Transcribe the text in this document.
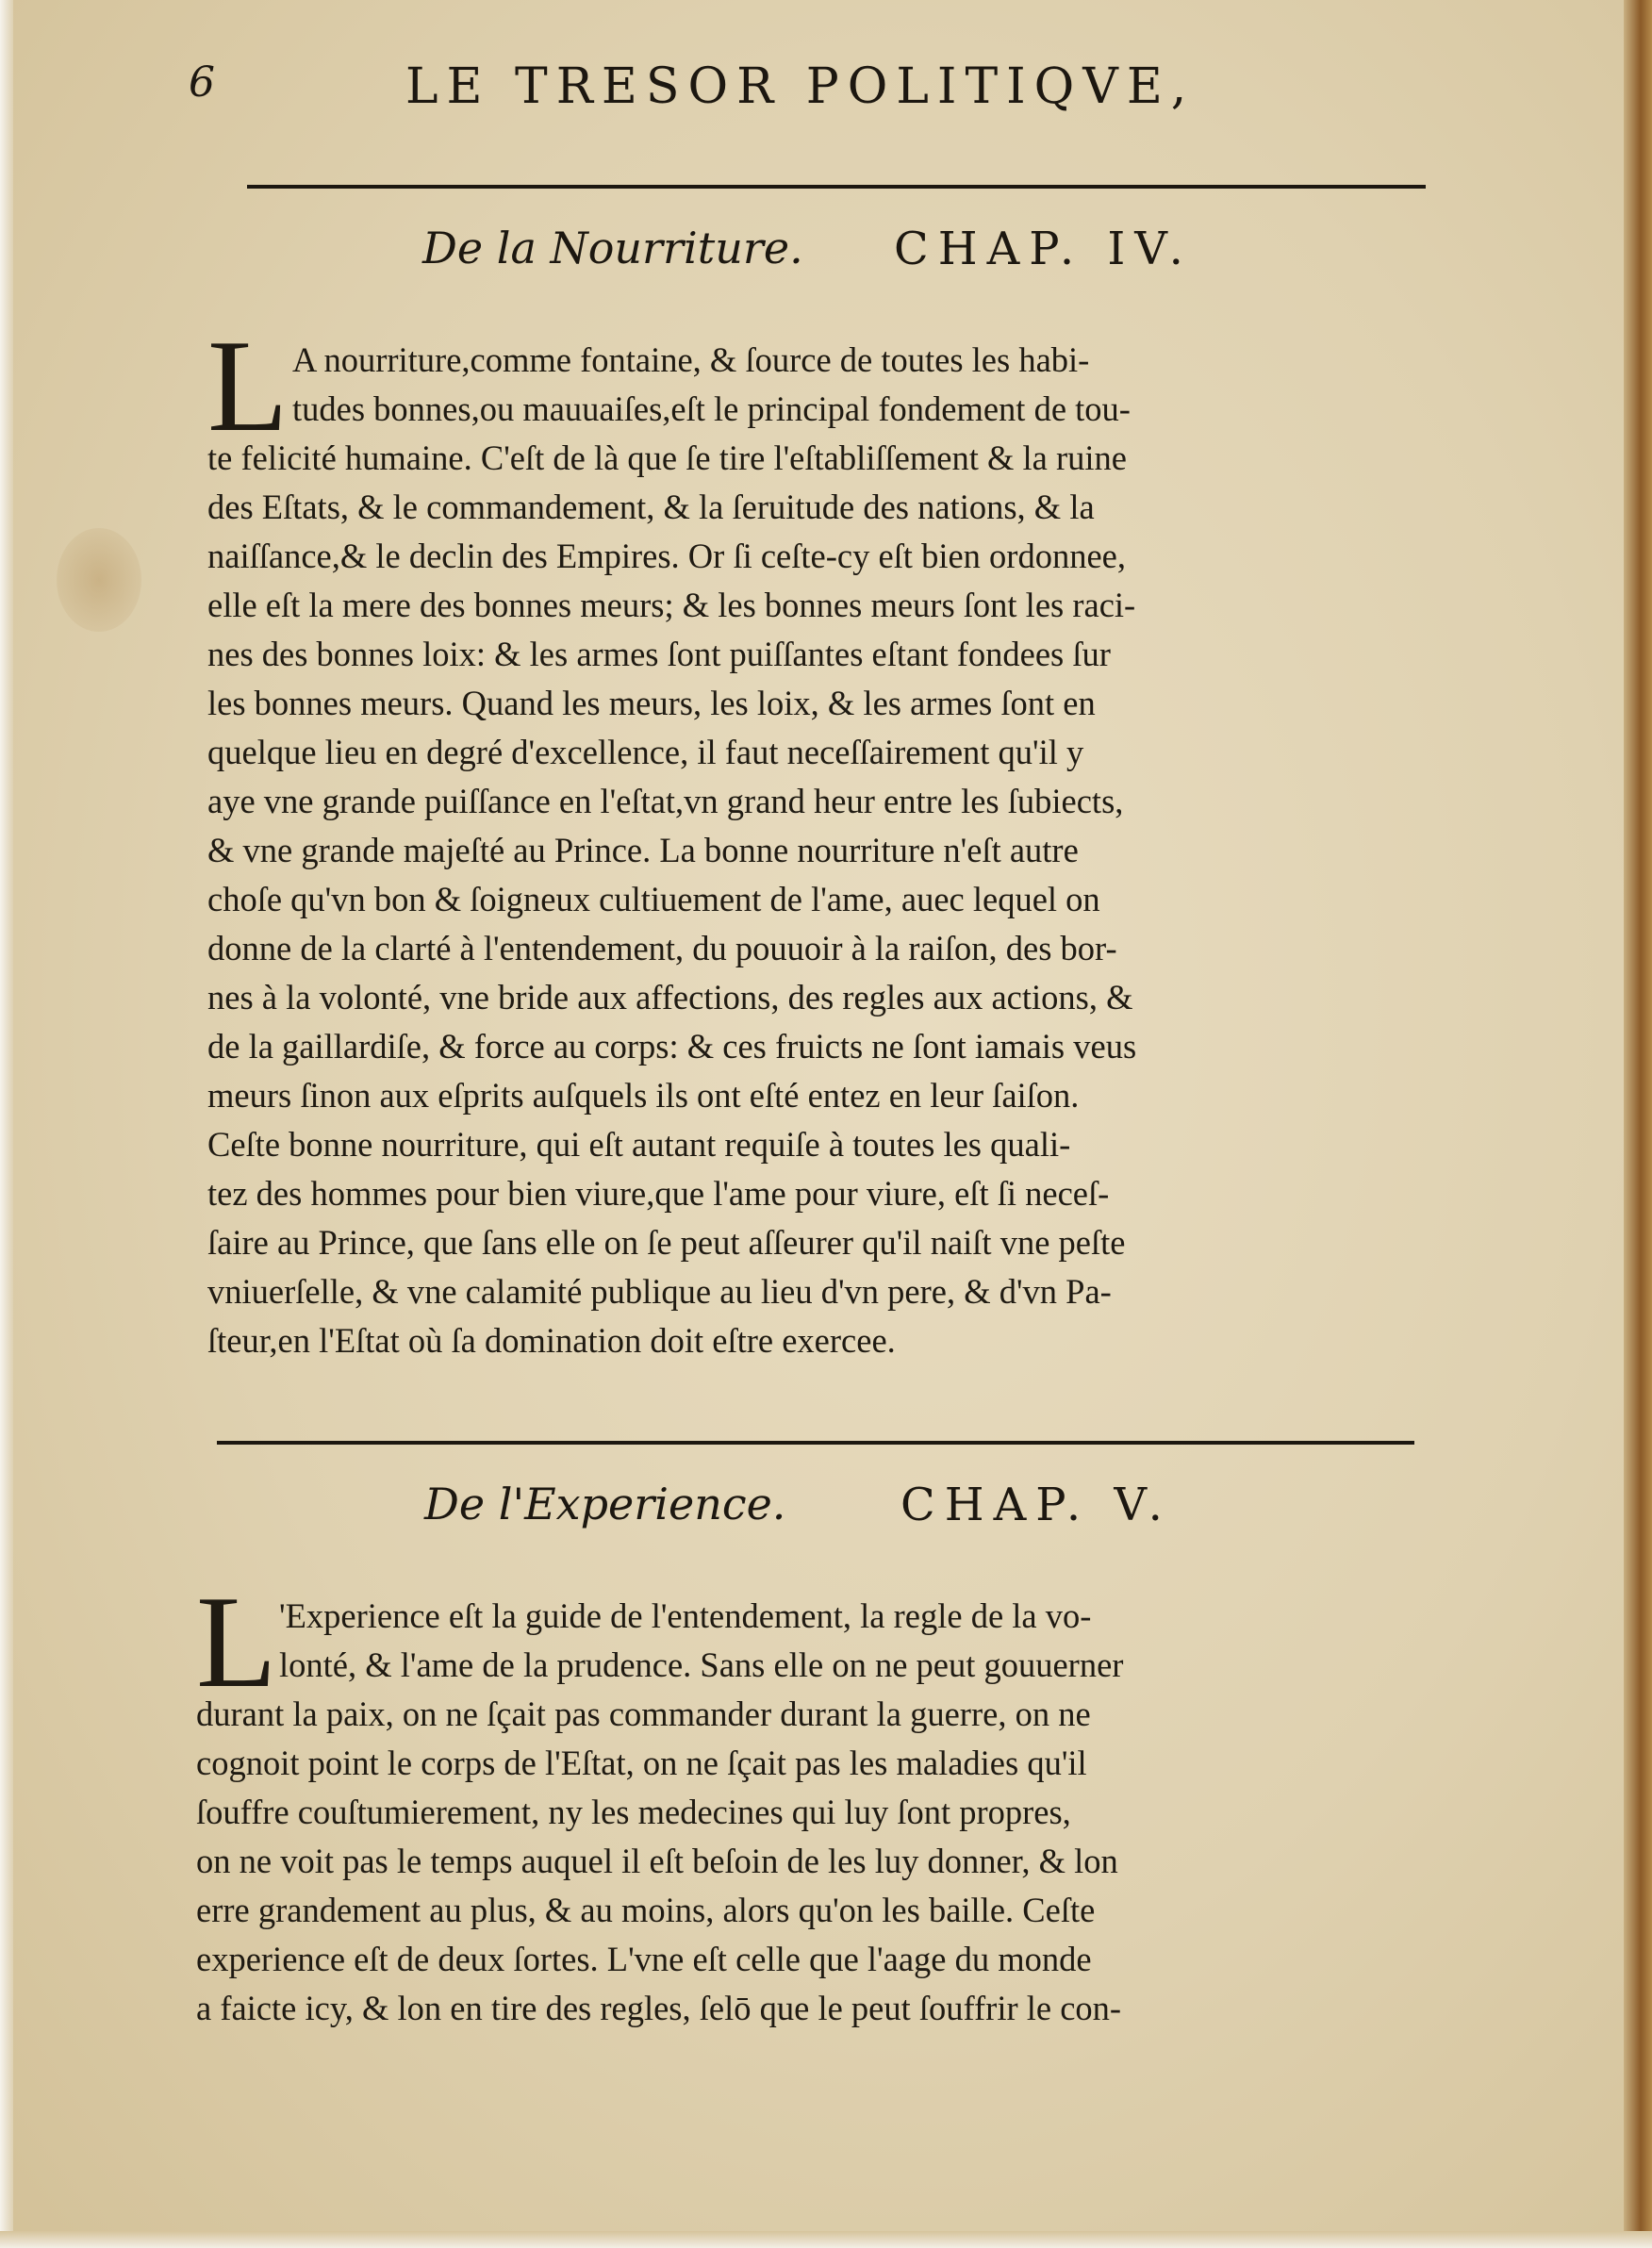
6	LE TRESOR POLITIQVE,
De la Nourriture. CHAP. IV.
L A nourriture,comme fontaine, & ſource de toutes les habi-
tudes bonnes,ou mauuaiſes,eſt le principal fondement de tou-
te felicité humaine. C'eſt de là que ſe tire l'eſtabliſſement & la ruine
des Eſtats, & le commandement, & la ſeruitude des nations, & la
naiſſance,& le declin des Empires. Or ſi ceſte-cy eſt bien ordonnee,
elle eſt la mere des bonnes meurs; & les bonnes meurs ſont les raci-
nes des bonnes loix: & les armes ſont puiſſantes eſtant fondees ſur
les bonnes meurs. Quand les meurs, les loix, & les armes ſont en
quelque lieu en degré d'excellence, il faut neceſſairement qu'il y
aye vne grande puiſſance en l'eſtat,vn grand heur entre les ſubiects,
& vne grande majeſté au Prince. La bonne nourriture n'eſt autre
choſe qu'vn bon & ſoigneux cultiuement de l'ame, auec lequel on
donne de la clarté à l'entendement, du pouuoir à la raiſon, des bor-
nes à la volonté, vne bride aux affections, des regles aux actions, &
de la gaillardiſe, & force au corps: & ces fruicts ne ſont iamais veus
meurs ſinon aux eſprits auſquels ils ont eſté entez en leur ſaiſon.
Ceſte bonne nourriture, qui eſt autant requiſe à toutes les quali-
tez des hommes pour bien viure,que l'ame pour viure, eſt ſi neceſ-
ſaire au Prince, que ſans elle on ſe peut aſſeurer qu'il naiſt vne peſte
vniuerſelle, & vne calamité publique au lieu d'vn pere, & d'vn Pa-
ſteur,en l'Eſtat où ſa domination doit eſtre exercee.
De l'Experience.	CHAP. V.
L 'Experience eſt la guide de l'entendement, la regle de la vo-
lonté, & l'ame de la prudence. Sans elle on ne peut gouuerner
durant la paix, on ne ſçait pas commander durant la guerre, on ne
cognoit point le corps de l'Eſtat, on ne ſçait pas les maladies qu'il
ſouffre couſtumierement, ny les medecines qui luy ſont propres,
on ne voit pas le temps auquel il eſt beſoin de les luy donner, & lon
erre grandement au plus, & au moins, alors qu'on les baille. Ceſte
experience eſt de deux ſortes. L'vne eſt celle que l'aage du monde
a faicte icy, & lon en tire des regles, ſelō que le peut ſouffrir le con-
